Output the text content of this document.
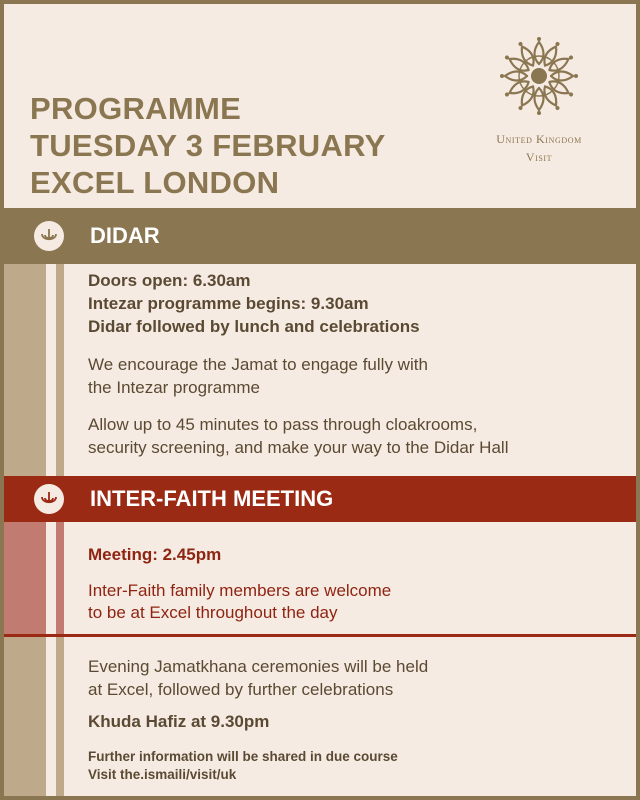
PROGRAMME
TUESDAY 3 FEBRUARY
EXCEL LONDON
United Kingdom
Visit
DIDAR
Doors open: 6.30am
Intezar programme begins: 9.30am
Didar followed by lunch and celebrations
We encourage the Jamat to engage fully with
the Intezar programme
Allow up to 45 minutes to pass through cloakrooms,
security screening, and make your way to the Didar Hall
INTER-FAITH MEETING
Meeting: 2.45pm
Inter-Faith family members are welcome
to be at Excel throughout the day
Evening Jamatkhana ceremonies will be held
at Excel, followed by further celebrations
Khuda Hafiz at 9.30pm
Further information will be shared in due course
Visit the.ismaili/visit/uk
